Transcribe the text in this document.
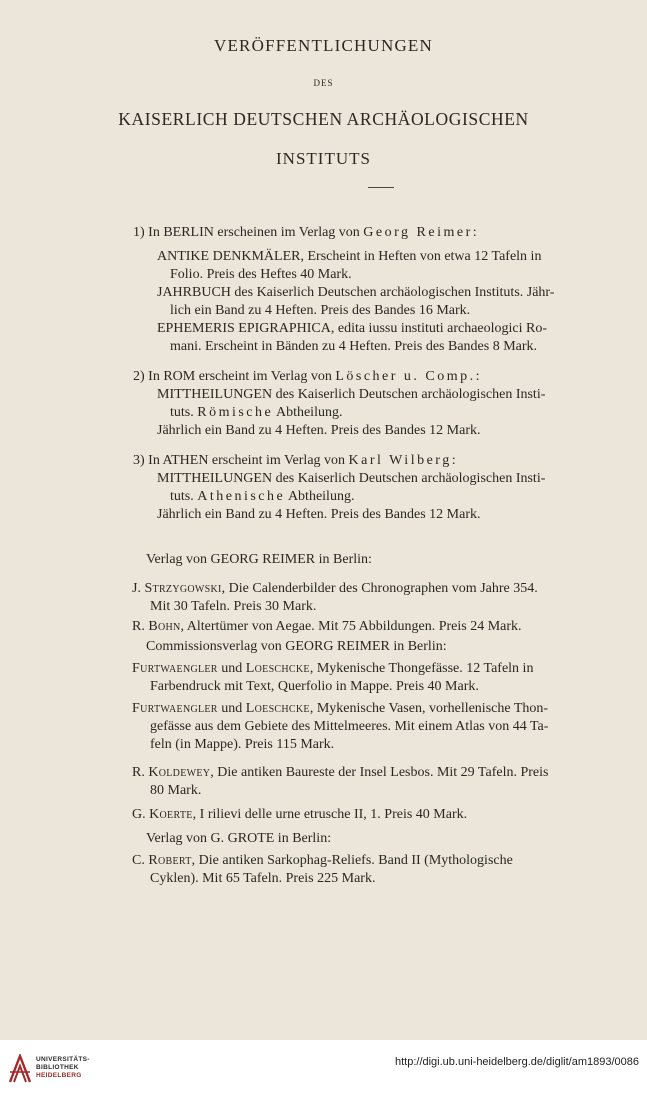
VERÖFFENTLICHUNGEN
DES
KAISERLICH DEUTSCHEN ARCHÄOLOGISCHEN
INSTITUTS
1) In BERLIN erscheinen im Verlag von Georg Reimer:
ANTIKE DENKMÄLER, Erscheint in Heften von etwa 12 Tafeln in
Folio. Preis des Heftes 40 Mark.
JAHRBUCH des Kaiserlich Deutschen archäologischen Instituts. Jähr-
lich ein Band zu 4 Heften. Preis des Bandes 16 Mark.
EPHEMERIS EPIGRAPHICA, edita iussu instituti archaeologici Ro-
mani. Erscheint in Bänden zu 4 Heften. Preis des Bandes 8 Mark.
2) In ROM erscheint im Verlag von Löscher u. Comp.:
MITTHEILUNGEN des Kaiserlich Deutschen archäologischen Insti-
tuts. Römische Abtheilung.
Jährlich ein Band zu 4 Heften. Preis des Bandes 12 Mark.
3) In ATHEN erscheint im Verlag von Karl Wilberg:
MITTHEILUNGEN des Kaiserlich Deutschen archäologischen Insti-
tuts. Athenische Abtheilung.
Jährlich ein Band zu 4 Heften. Preis des Bandes 12 Mark.
Verlag von GEORG REIMER in Berlin:
J. Strzygowski, Die Calenderbilder des Chronographen vom Jahre 354.
Mit 30 Tafeln. Preis 30 Mark.
R. Bohn, Altertümer von Aegae. Mit 75 Abbildungen. Preis 24 Mark.
Commissionsverlag von GEORG REIMER in Berlin:
Furtwaengler und Loeschcke, Mykenische Thongefässe. 12 Tafeln in
Farbendruck mit Text, Querfolio in Mappe. Preis 40 Mark.
Furtwaengler und Loeschcke, Mykenische Vasen, vorhellenische Thon-
gefässe aus dem Gebiete des Mittelmeeres. Mit einem Atlas von 44 Ta-
feln (in Mappe). Preis 115 Mark.
R. Koldewey, Die antiken Baureste der Insel Lesbos. Mit 29 Tafeln. Preis
80 Mark.
G. Koerte, I rilievi delle urne etrusche II, 1. Preis 40 Mark.
Verlag von G. GROTE in Berlin:
C. Robert, Die antiken Sarkophag-Reliefs. Band II (Mythologische
Cyklen). Mit 65 Tafeln. Preis 225 Mark.
UNIVERSITÄTS-
BIBLIOTHEK
HEIDELBERG
http://digi.ub.uni-heidelberg.de/diglit/am1893/0086
